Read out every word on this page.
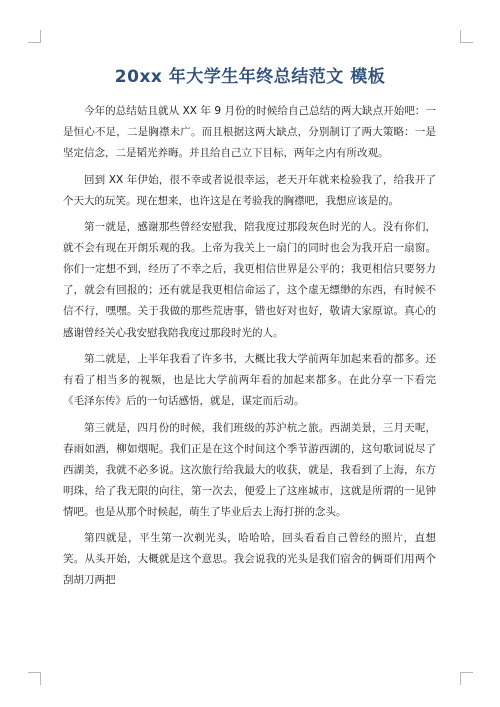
20xx 年大学生年终总结范文 模板

今年的总结姑且就从 XX 年 9 月份的时候给自己总结的两大缺点开始吧：一是恒心不足，二是胸襟未广。而且根据这两大缺点，分别制订了两大策略：一是坚定信念，二是韬光养晦。并且给自己立下目标，两年之内有所改观。

回到 XX 年伊始，很不幸或者说很幸运，老天开年就来检验我了，给我开了个天大的玩笑。现在想来，也许这是在考验我的胸襟吧，我想应该是的。

第一就是，感谢那些曾经安慰我，陪我度过那段灰色时光的人。没有你们，就不会有现在开朗乐观的我。上帝为我关上一扇门的同时也会为我开启一扇窗。你们一定想不到，经历了不幸之后，我更相信世界是公平的；我更相信只要努力了，就会有回报的；还有就是我更相信命运了，这个虚无缥缈的东西，有时候不信不行，嘿嘿。关于我做的那些荒唐事，错也好对也好，敬请大家原谅。真心的感谢曾经关心我安慰我陪我度过那段时光的人。

第二就是，上半年我看了许多书，大概比我大学前两年加起来看的都多。还有看了相当多的视频，也是比大学前两年看的加起来都多。在此分享一下看完《毛泽东传》后的一句话感悟，就是，谋定而后动。

第三就是，四月份的时候，我们班级的苏沪杭之旅。西湖美景，三月天呢，春雨如酒，柳如烟呢。我们正是在这个时间这个季节游西湖的，这句歌词说尽了西湖美，我就不必多说。这次旅行给我最大的收获，就是，我看到了上海，东方明珠，给了我无限的向往，第一次去，便爱上了这座城市，这就是所谓的一见钟情吧。也是从那个时候起，萌生了毕业后去上海打拼的念头。

第四就是，平生第一次剃光头，哈哈哈，回头看看自己曾经的照片，直想笑。从头开始，大概就是这个意思。我会说我的光头是我们宿舍的俩哥们用两个刮胡刀两把
